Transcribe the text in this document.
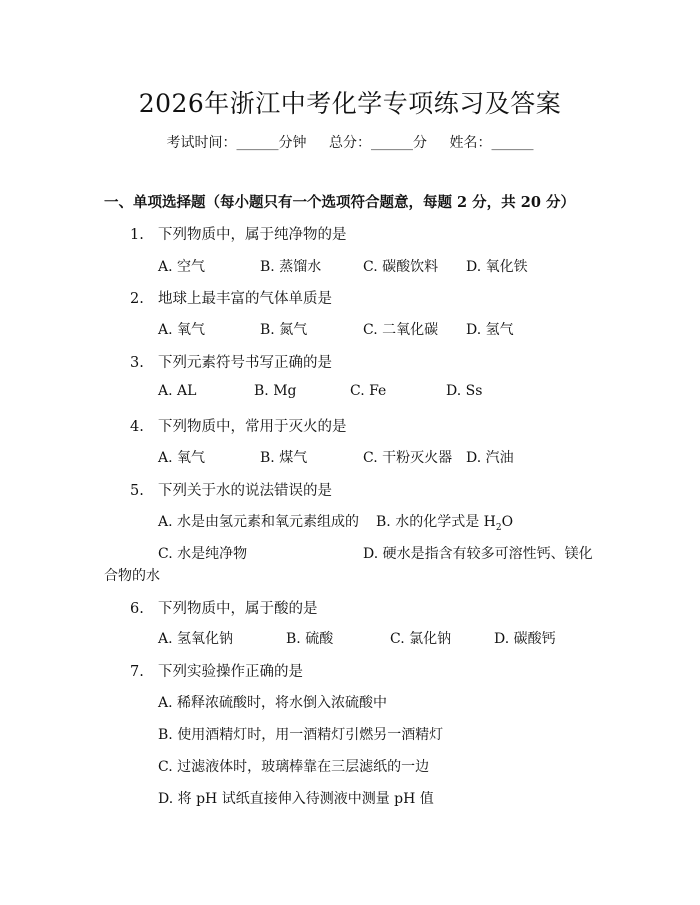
2026年浙江中考化学专项练习及答案
考试时间：______分钟 总分：______分 姓名：______
一、单项选择题（每小题只有一个选项符合题意，每题 2 分，共 20 分）
1. 下列物质中，属于纯净物的是
A. 空气	B. 蒸馏水	C. 碳酸饮料 D. 氧化铁
2. 地球上最丰富的气体单质是
A. 氧气	B. 氮气	C. 二氧化碳 D. 氢气
3. 下列元素符号书写正确的是
A. AL	B. Mg	C. Fe	D. Ss
4. 下列物质中，常用于灭火的是
A. 氧气	B. 煤气	C. 干粉灭火器 D. 汽油
5. 下列关于水的说法错误的是
A. 水是由氢元素和氧元素组成的 B. 水的化学式是 $H_2O$
C. 水是纯净物	D. 硬水是指含有较多可溶性钙、镁化
合物的水
6. 下列物质中，属于酸的是
A. 氢氧化钠	B. 硫酸	C. 氯化钠	D. 碳酸钙
7. 下列实验操作正确的是
A. 稀释浓硫酸时，将水倒入浓硫酸中
B. 使用酒精灯时，用一酒精灯引燃另一酒精灯
C. 过滤液体时，玻璃棒靠在三层滤纸的一边
D. 将 pH 试纸直接伸入待测液中测量 pH 值
